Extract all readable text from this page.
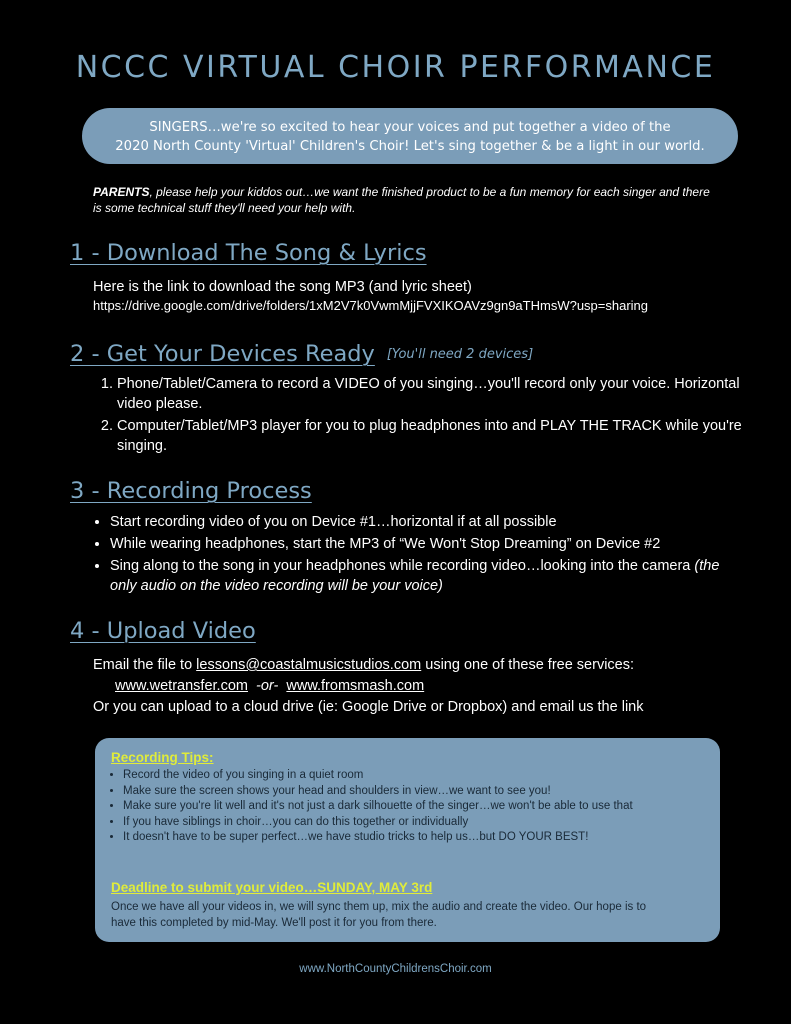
NCCC VIRTUAL CHOIR PERFORMANCE
SINGERS…we're so excited to hear your voices and put together a video of the
2020 North County 'Virtual' Children's Choir! Let's sing together & be a light in our world.
PARENTS, please help your kiddos out…we want the finished product to be a fun memory for each singer and there is some technical stuff they'll need your help with.
1 - Download The Song & Lyrics
Here is the link to download the song MP3 (and lyric sheet)
https://drive.google.com/drive/folders/1xM2V7k0VwmMjjFVXIKOAVz9gn9aTHmsW?usp=sharing
2 - Get Your Devices Ready [You'll need 2 devices]
1. Phone/Tablet/Camera to record a VIDEO of you singing…you'll record only your voice. Horizontal video please.
2. Computer/Tablet/MP3 player for you to plug headphones into and PLAY THE TRACK while you're singing.
3 - Recording Process
• Start recording video of you on Device #1…horizontal if at all possible
• While wearing headphones, start the MP3 of “We Won't Stop Dreaming” on Device #2
• Sing along to the song in your headphones while recording video…looking into the camera (the only audio on the video recording will be your voice)
4 - Upload Video
Email the file to lessons@coastalmusicstudios.com using one of these free services:
www.wetransfer.com -or- www.fromsmash.com
Or you can upload to a cloud drive (ie: Google Drive or Dropbox) and email us the link
Recording Tips:
• Record the video of you singing in a quiet room
• Make sure the screen shows your head and shoulders in view…we want to see you!
• Make sure you're lit well and it's not just a dark silhouette of the singer…we won't be able to use that
• If you have siblings in choir…you can do this together or individually
• It doesn't have to be super perfect…we have studio tricks to help us…but DO YOUR BEST!
Deadline to submit your video…SUNDAY, MAY 3rd
Once we have all your videos in, we will sync them up, mix the audio and create the video. Our hope is to have this completed by mid-May. We'll post it for you from there.
www.NorthCountyChildrensChoir.com
